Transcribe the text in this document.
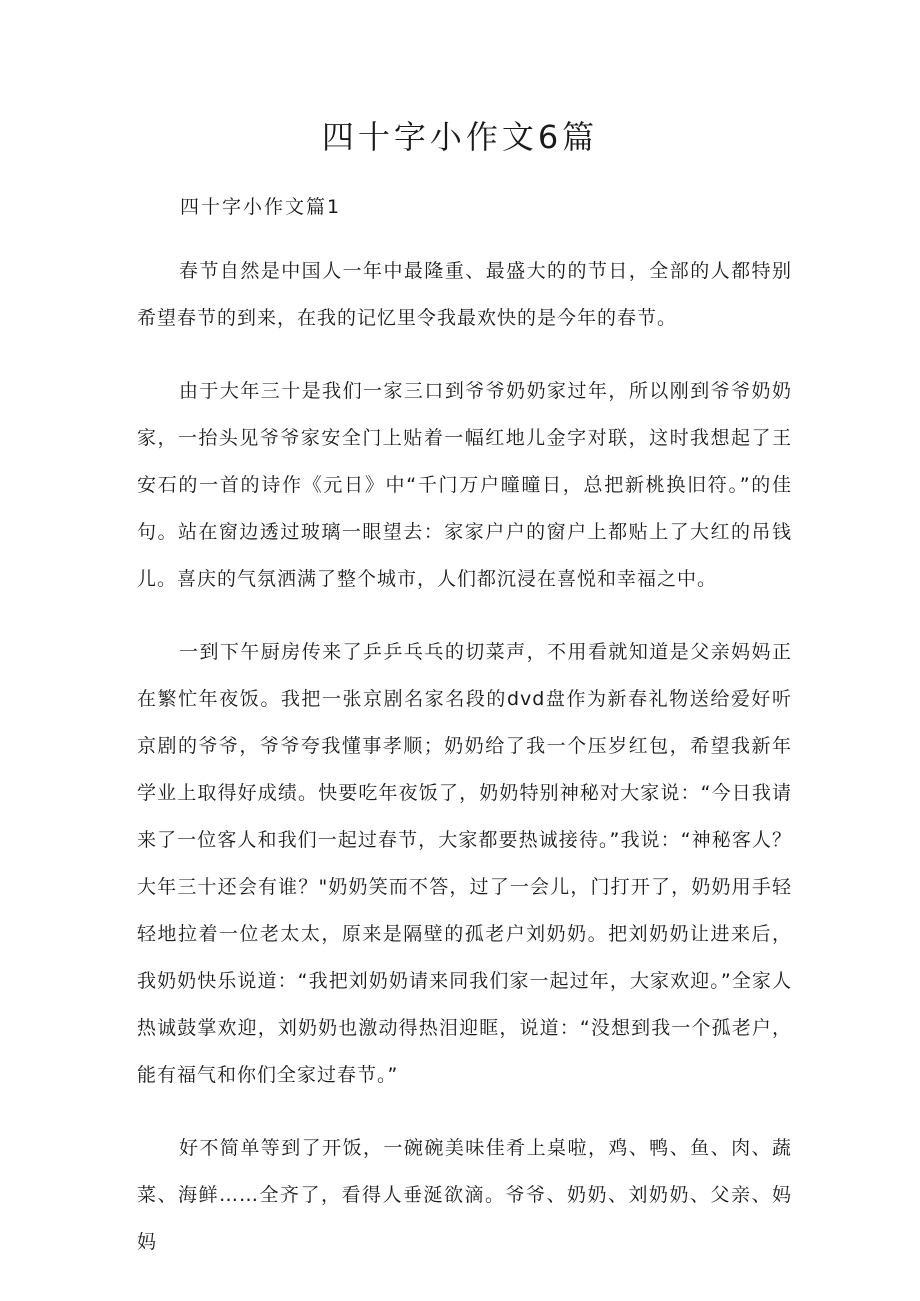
四十字小作文6篇
四十字小作文篇1

春节自然是中国人一年中最隆重、最盛大的的节日，全部的人都特别希望春节的到来，在我的记忆里令我最欢快的是今年的春节。

由于大年三十是我们一家三口到爷爷奶奶家过年，所以刚到爷爷奶奶家，一抬头见爷爷家安全门上贴着一幅红地儿金字对联，这时我想起了王安石的一首的诗作《元日》中“千门万户曈曈日，总把新桃换旧符。”的佳句。站在窗边透过玻璃一眼望去：家家户户的窗户上都贴上了大红的吊钱儿。喜庆的气氛洒满了整个城市，人们都沉浸在喜悦和幸福之中。

一到下午厨房传来了乒乒乓乓的切菜声，不用看就知道是父亲妈妈正在繁忙年夜饭。我把一张京剧名家名段的dvd盘作为新春礼物送给爱好听京剧的爷爷，爷爷夸我懂事孝顺；奶奶给了我一个压岁红包，希望我新年学业上取得好成绩。快要吃年夜饭了，奶奶特别神秘对大家说：“今日我请来了一位客人和我们一起过春节，大家都要热诚接待。”我说：“神秘客人？大年三十还会有谁？"奶奶笑而不答，过了一会儿，门打开了，奶奶用手轻轻地拉着一位老太太，原来是隔壁的孤老户刘奶奶。把刘奶奶让进来后，我奶奶快乐说道：“我把刘奶奶请来同我们家一起过年，大家欢迎。”全家人热诚鼓掌欢迎，刘奶奶也激动得热泪迎眶，说道：“没想到我一个孤老户，能有福气和你们全家过春节。”

好不简单等到了开饭，一碗碗美味佳肴上桌啦，鸡、鸭、鱼、肉、蔬菜、海鲜……全齐了，看得人垂涎欲滴。爷爷、奶奶、刘奶奶、父亲、妈妈
